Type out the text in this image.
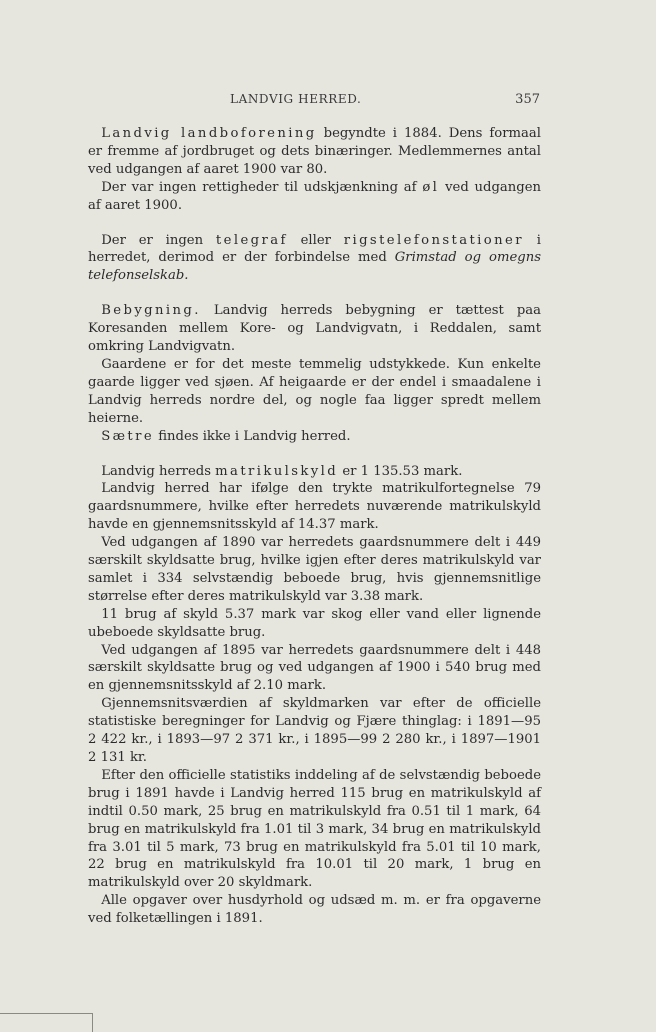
LANDVIG HERRED.	357

 Landvig landboforening begyndte i 1884. Dens formaal er fremme af jordbruget og dets binæringer. Medlemmernes antal ved udgangen af aaret 1900 var 80.

 Der var ingen rettigheder til udskjænkning af øl ved udgangen af aaret 1900.

 Der er ingen telegraf eller rigstelefonstationer i herredet, derimod er der forbindelse med Grimstad og omegns telefonselskab.

 Bebygning. Landvig herreds bebygning er tættest paa Koresanden mellem Kore- og Landvigvatn, i Reddalen, samt omkring Landvigvatn.

 Gaardene er for det meste temmelig udstykkede. Kun enkelte gaarde ligger ved sjøen. Af heigaarde er der endel i smaadalene i Landvig herreds nordre del, og nogle faa ligger spredt mellem heierne.

 Sætre findes ikke i Landvig herred.

 Landvig herreds matrikulskyld er 1 135.53 mark.

 Landvig herred har ifølge den trykte matrikulfortegnelse 79 gaardsnummere, hvilke efter herredets nuværende matrikulskyld havde en gjennemsnitsskyld af 14.37 mark.

 Ved udgangen af 1890 var herredets gaardsnummere delt i 449 særskilt skyldsatte brug, hvilke igjen efter deres matrikulskyld var samlet i 334 selvstændig beboede brug, hvis gjennemsnitlige størrelse efter deres matrikulskyld var 3.38 mark.

 11 brug af skyld 5.37 mark var skog eller vand eller lignende ubeboede skyldsatte brug.

 Ved udgangen af 1895 var herredets gaardsnummere delt i 448 særskilt skyldsatte brug og ved udgangen af 1900 i 540 brug med en gjennemsnitsskyld af 2.10 mark.

 Gjennemsnitsværdien af skyldmarken var efter de officielle statistiske beregninger for Landvig og Fjære thinglag: i 1891—95 2 422 kr., i 1893—97 2 371 kr., i 1895—99 2 280 kr., i 1897—1901 2 131 kr.

 Efter den officielle statistiks inddeling af de selvstændig beboede brug i 1891 havde i Landvig herred 115 brug en matrikulskyld af indtil 0.50 mark, 25 brug en matrikulskyld fra 0.51 til 1 mark, 64 brug en matrikulskyld fra 1.01 til 3 mark, 34 brug en matrikulskyld fra 3.01 til 5 mark, 73 brug en matrikulskyld fra 5.01 til 10 mark, 22 brug en matrikulskyld fra 10.01 til 20 mark, 1 brug en matrikulskyld over 20 skyldmark.

 Alle opgaver over husdyrhold og udsæd m. m. er fra opgaverne ved folketællingen i 1891.
